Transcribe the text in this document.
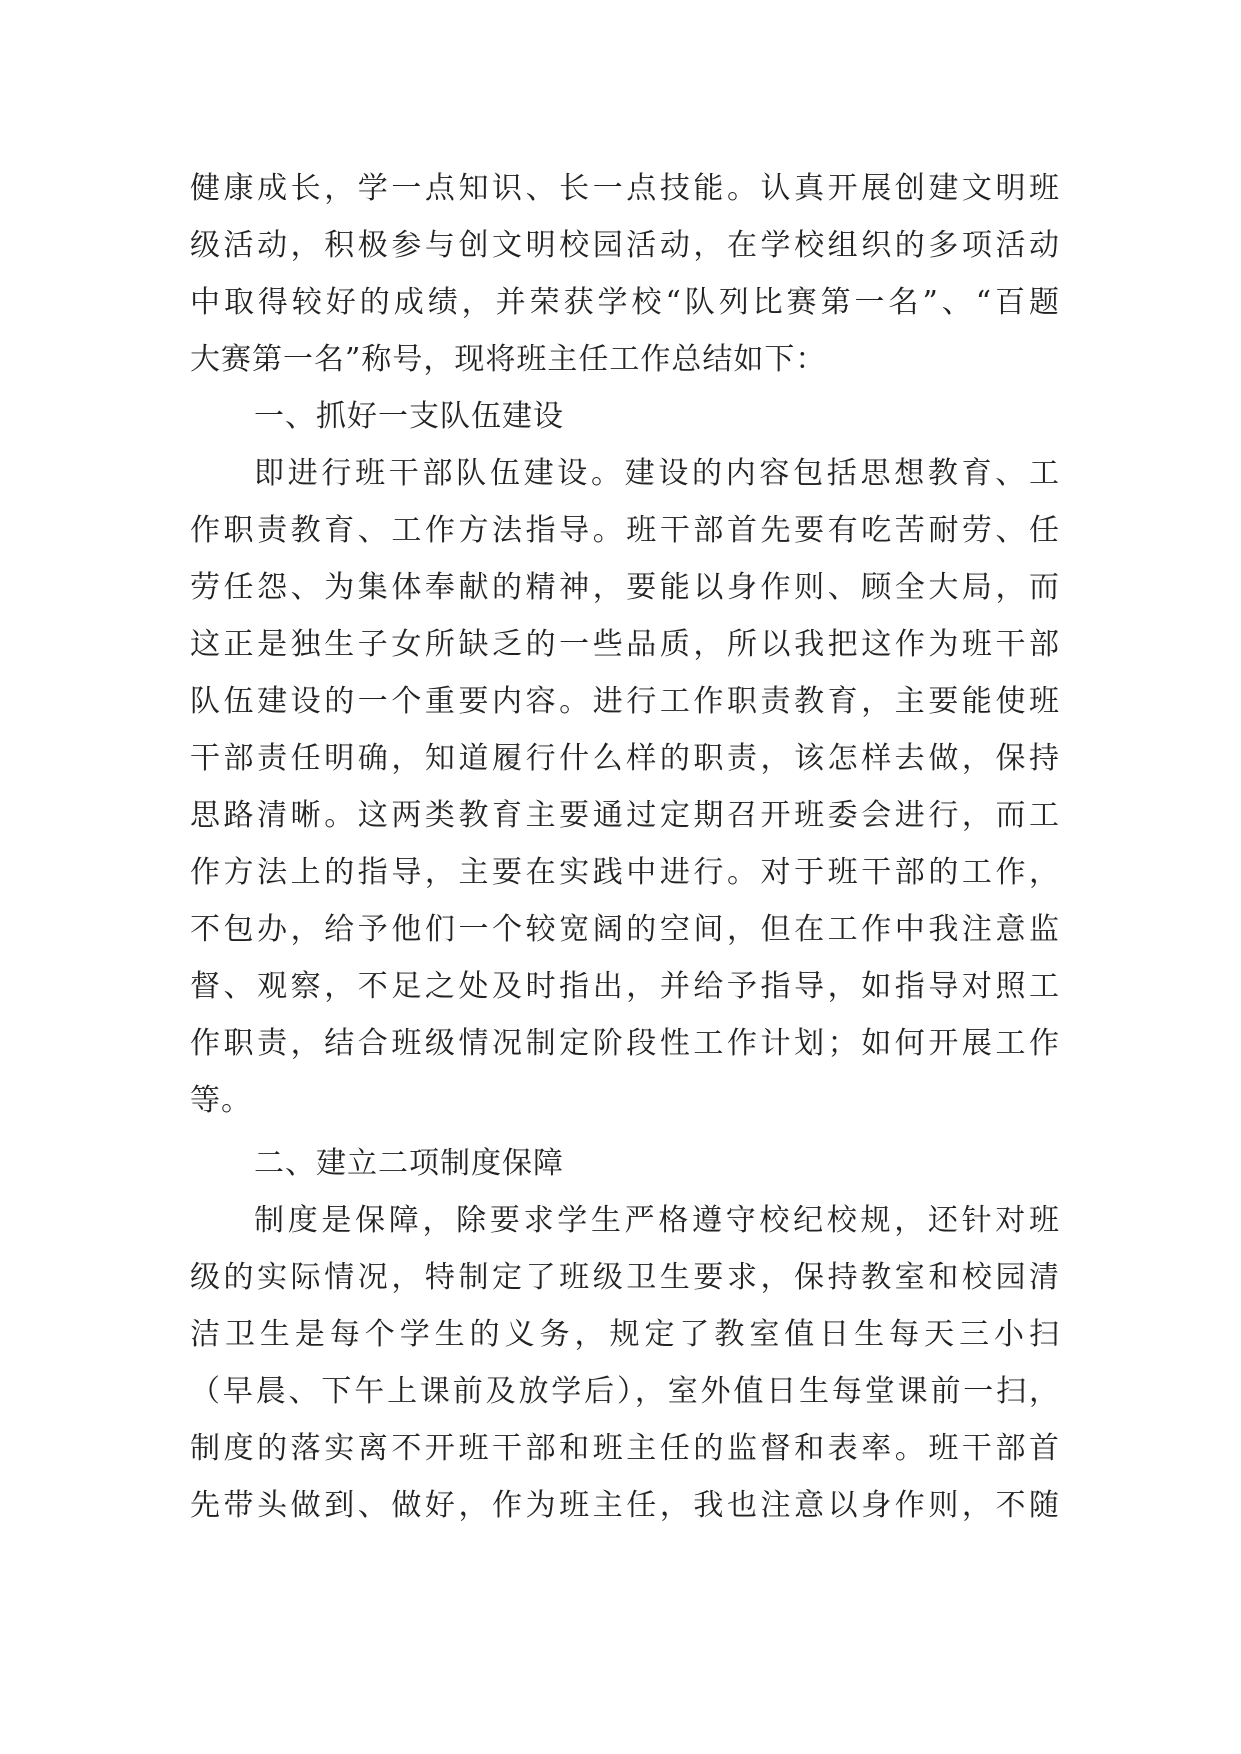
健康成长，学一点知识、长一点技能。认真开展创建文明班
级活动，积极参与创文明校园活动，在学校组织的多项活动
中取得较好的成绩，并荣获学校“队列比赛第一名”、“百题
大赛第一名”称号，现将班主任工作总结如下：
一、抓好一支队伍建设
即进行班干部队伍建设。建设的内容包括思想教育、工
作职责教育、工作方法指导。班干部首先要有吃苦耐劳、任
劳任怨、为集体奉献的精神，要能以身作则、顾全大局，而
这正是独生子女所缺乏的一些品质，所以我把这作为班干部
队伍建设的一个重要内容。进行工作职责教育，主要能使班
干部责任明确，知道履行什么样的职责，该怎样去做，保持
思路清晰。这两类教育主要通过定期召开班委会进行，而工
作方法上的指导，主要在实践中进行。对于班干部的工作，
不包办，给予他们一个较宽阔的空间，但在工作中我注意监
督、观察，不足之处及时指出，并给予指导，如指导对照工
作职责，结合班级情况制定阶段性工作计划；如何开展工作
等。
二、建立二项制度保障
制度是保障，除要求学生严格遵守校纪校规，还针对班
级的实际情况，特制定了班级卫生要求，保持教室和校园清
洁卫生是每个学生的义务，规定了教室值日生每天三小扫
（早晨、下午上课前及放学后），室外值日生每堂课前一扫，
制度的落实离不开班干部和班主任的监督和表率。班干部首
先带头做到、做好，作为班主任，我也注意以身作则，不随
